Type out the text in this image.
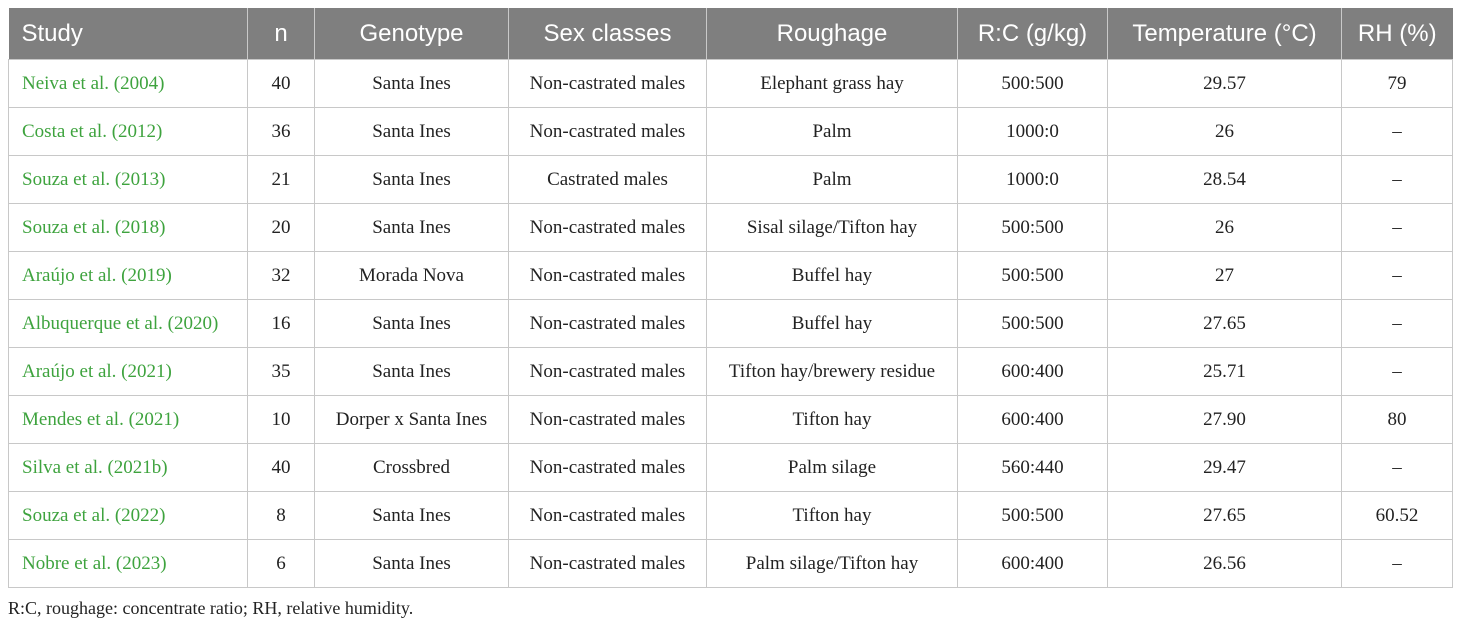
Study	n	Genotype	Sex classes	Roughage	R:C (g/kg)	Temperature (°C)	RH (%)
Neiva et al. (2004)	40	Santa Ines	Non-castrated males	Elephant grass hay	500:500	29.57	79
Costa et al. (2012)	36	Santa Ines	Non-castrated males	Palm	1000:0	26	–
Souza et al. (2013)	21	Santa Ines	Castrated males	Palm	1000:0	28.54	–
Souza et al. (2018)	20	Santa Ines	Non-castrated males	Sisal silage/Tifton hay	500:500	26	–
Araújo et al. (2019)	32	Morada Nova	Non-castrated males	Buffel hay	500:500	27	–
Albuquerque et al. (2020)	16	Santa Ines	Non-castrated males	Buffel hay	500:500	27.65	–
Araújo et al. (2021)	35	Santa Ines	Non-castrated males	Tifton hay/brewery residue	600:400	25.71	–
Mendes et al. (2021)	10	Dorper x Santa Ines	Non-castrated males	Tifton hay	600:400	27.90	80
Silva et al. (2021b)	40	Crossbred	Non-castrated males	Palm silage	560:440	29.47	–
Souza et al. (2022)	8	Santa Ines	Non-castrated males	Tifton hay	500:500	27.65	60.52
Nobre et al. (2023)	6	Santa Ines	Non-castrated males	Palm silage/Tifton hay	600:400	26.56	–
R:C, roughage: concentrate ratio; RH, relative humidity.
